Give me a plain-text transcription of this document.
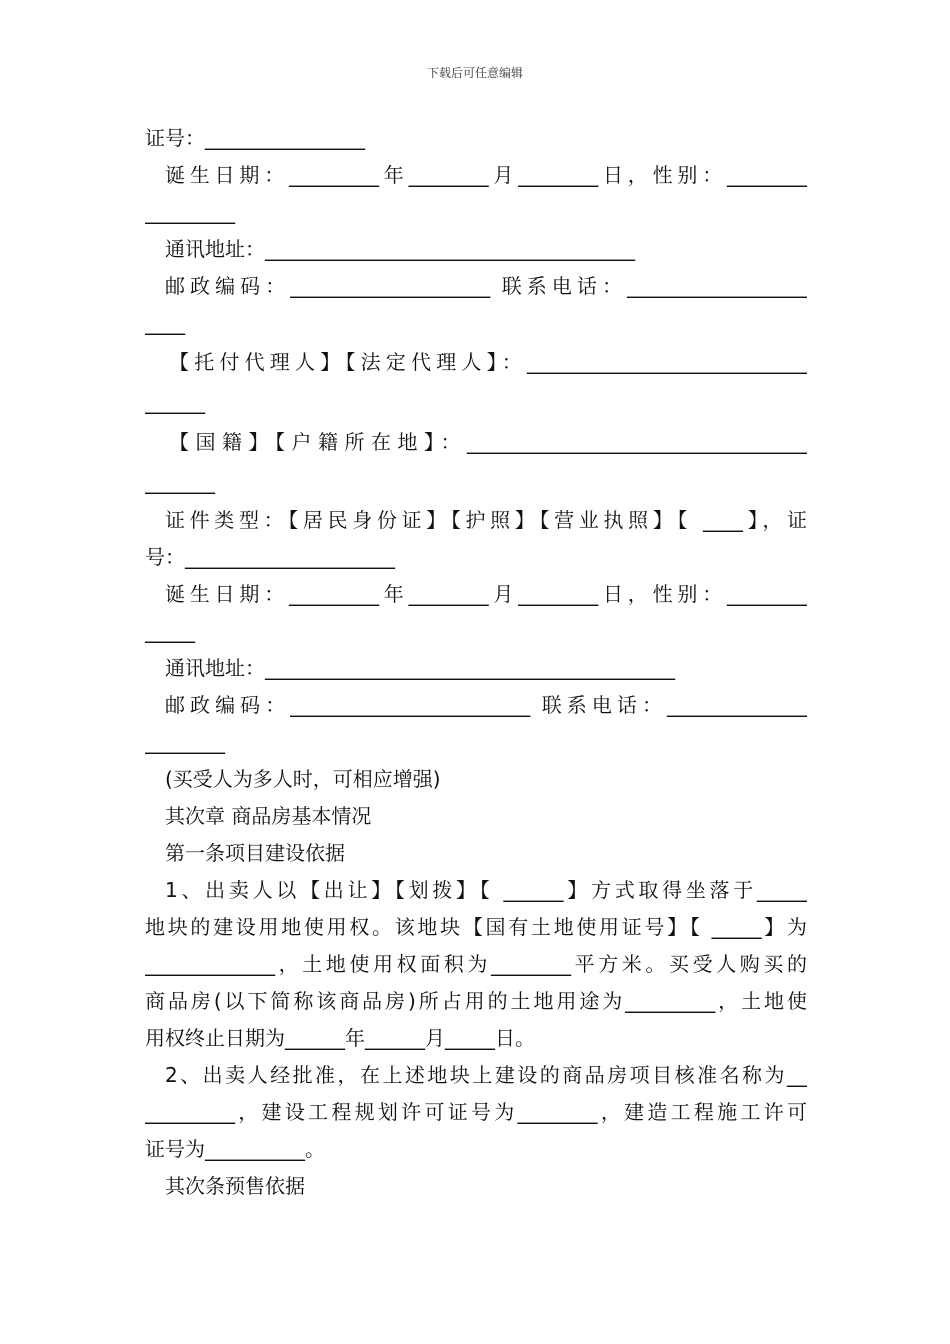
下载后可任意编辑
证号：________________
诞生日期：_________年________月________日，性别：________
_________
通讯地址：_____________________________________
邮政编码：____________________ 联系电话：__________________
____
【托付代理人】【法定代理人】：____________________________
______
【国籍】【户籍所在地】：__________________________________
_______
证件类型：【居民身份证】【护照】【营业执照】【 ____】，证
号：_____________________
诞生日期：_________年________月________日，性别：________
_____
通讯地址：_________________________________________
邮政编码：________________________ 联系电话：______________
________
(买受人为多人时，可相应增强)
其次章 商品房基本情况
第一条项目建设依据
1、出卖人以【出让】【划拨】【 ______】方式取得坐落于_____
地块的建设用地使用权。该地块【国有土地使用证号】【 _____】为
_____________，土地使用权面积为________平方米。买受人购买的
商品房(以下简称该商品房)所占用的土地用途为_________，土地使
用权终止日期为______年______月_____日。
2、出卖人经批准，在上述地块上建设的商品房项目核准名称为__
_________，建设工程规划许可证号为________，建造工程施工许可
证号为__________。
其次条预售依据
